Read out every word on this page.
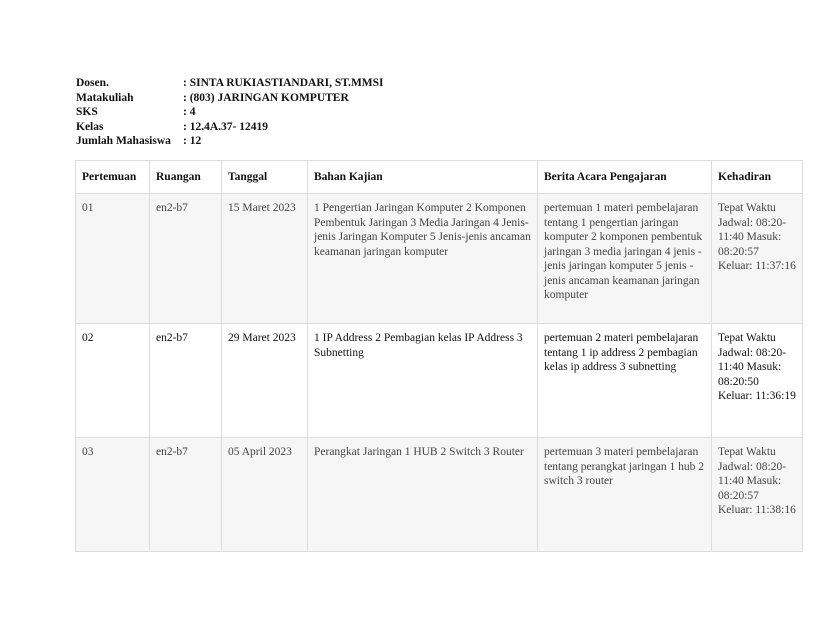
Dosen.	: SINTA RUKIASTIANDARI, ST.MMSI
Matakuliah	: (803) JARINGAN KOMPUTER
SKS	: 4
Kelas	: 12.4A.37- 12419
Jumlah Mahasiswa	: 12
Pertemuan	Ruangan	Tanggal	Bahan Kajian	Berita Acara Pengajaran	Kehadiran
01	en2-b7	15 Maret 2023	1 Pengertian Jaringan Komputer 2 Komponen Pembentuk Jaringan 3 Media Jaringan 4 Jenis-jenis Jaringan Komputer 5 Jenis-jenis ancaman keamanan jaringan komputer	pertemuan 1 materi pembelajaran tentang 1 pengertian jaringan komputer 2 komponen pembentuk jaringan 3 media jaringan 4 jenis -jenis jaringan komputer 5 jenis -jenis ancaman keamanan jaringan komputer	Tepat Waktu Jadwal: 08:20-11:40 Masuk: 08:20:57 Keluar: 11:37:16
02	en2-b7	29 Maret 2023	1 IP Address 2 Pembagian kelas IP Address 3 Subnetting	pertemuan 2 materi pembelajaran tentang 1 ip address 2 pembagian kelas ip address 3 subnetting	Tepat Waktu Jadwal: 08:20-11:40 Masuk: 08:20:50 Keluar: 11:36:19
03	en2-b7	05 April 2023	Perangkat Jaringan 1 HUB 2 Switch 3 Router	pertemuan 3 materi pembelajaran tentang perangkat jaringan 1 hub 2 switch 3 router	Tepat Waktu Jadwal: 08:20-11:40 Masuk: 08:20:57 Keluar: 11:38:16
